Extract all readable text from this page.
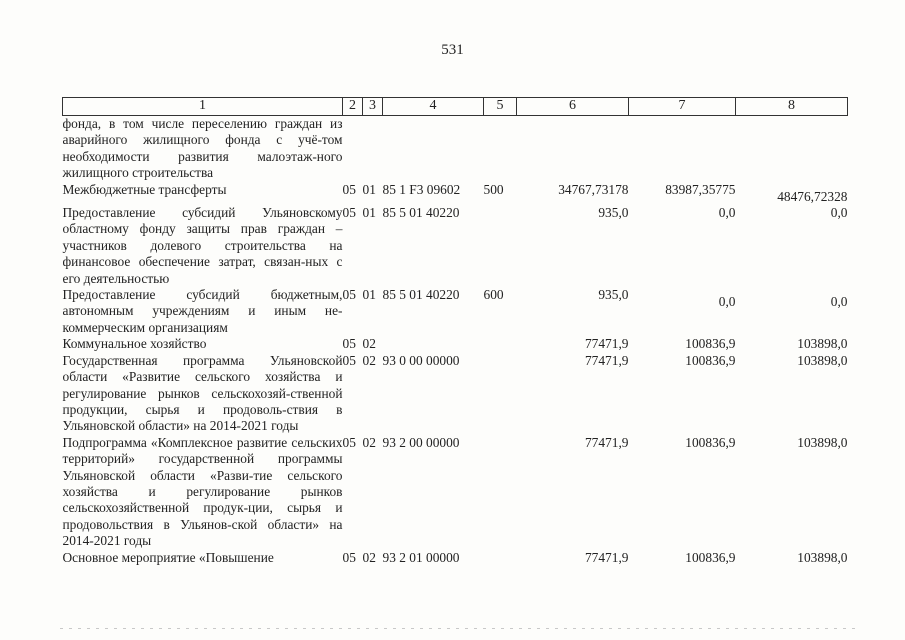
531
1	2	3	4	5	6	7	8
фонда, в том числе переселению граждан из аварийного жилищного фонда с учё-том необходимости развития малоэтаж-ного жилищного строительства							
Межбюджетные трансферты	05	01	85 1 F3 09602	500	34767,73178	83987,35775	48476,72328
Предоставление субсидий Ульяновскому областному фонду защиты прав граждан – участников долевого строительства на финансовое обеспечение затрат, связан-ных с его деятельностью	05	01	85 5 01 40220		935,0	0,0	0,0
Предоставление субсидий бюджетным, автономным учреждениям и иным не-коммерческим организациям	05	01	85 5 01 40220	600	935,0	0,0	0,0
Коммунальное хозяйство	05	02			77471,9	100836,9	103898,0
Государственная программа Ульяновской области «Развитие сельского хозяйства и регулирование рынков сельскохозяй-ственной продукции, сырья и продоволь-ствия в Ульяновской области» на 2014-2021 годы	05	02	93 0 00 00000		77471,9	100836,9	103898,0
Подпрограмма «Комплексное развитие сельских территорий» государственной программы Ульяновской области «Разви-тие сельского хозяйства и регулирование рынков сельскохозяйственной продук-ции, сырья и продовольствия в Ульянов-ской области» на 2014-2021 годы	05	02	93 2 00 00000		77471,9	100836,9	103898,0
Основное мероприятие «Повышение	05	02	93 2 01 00000		77471,9	100836,9	103898,0
